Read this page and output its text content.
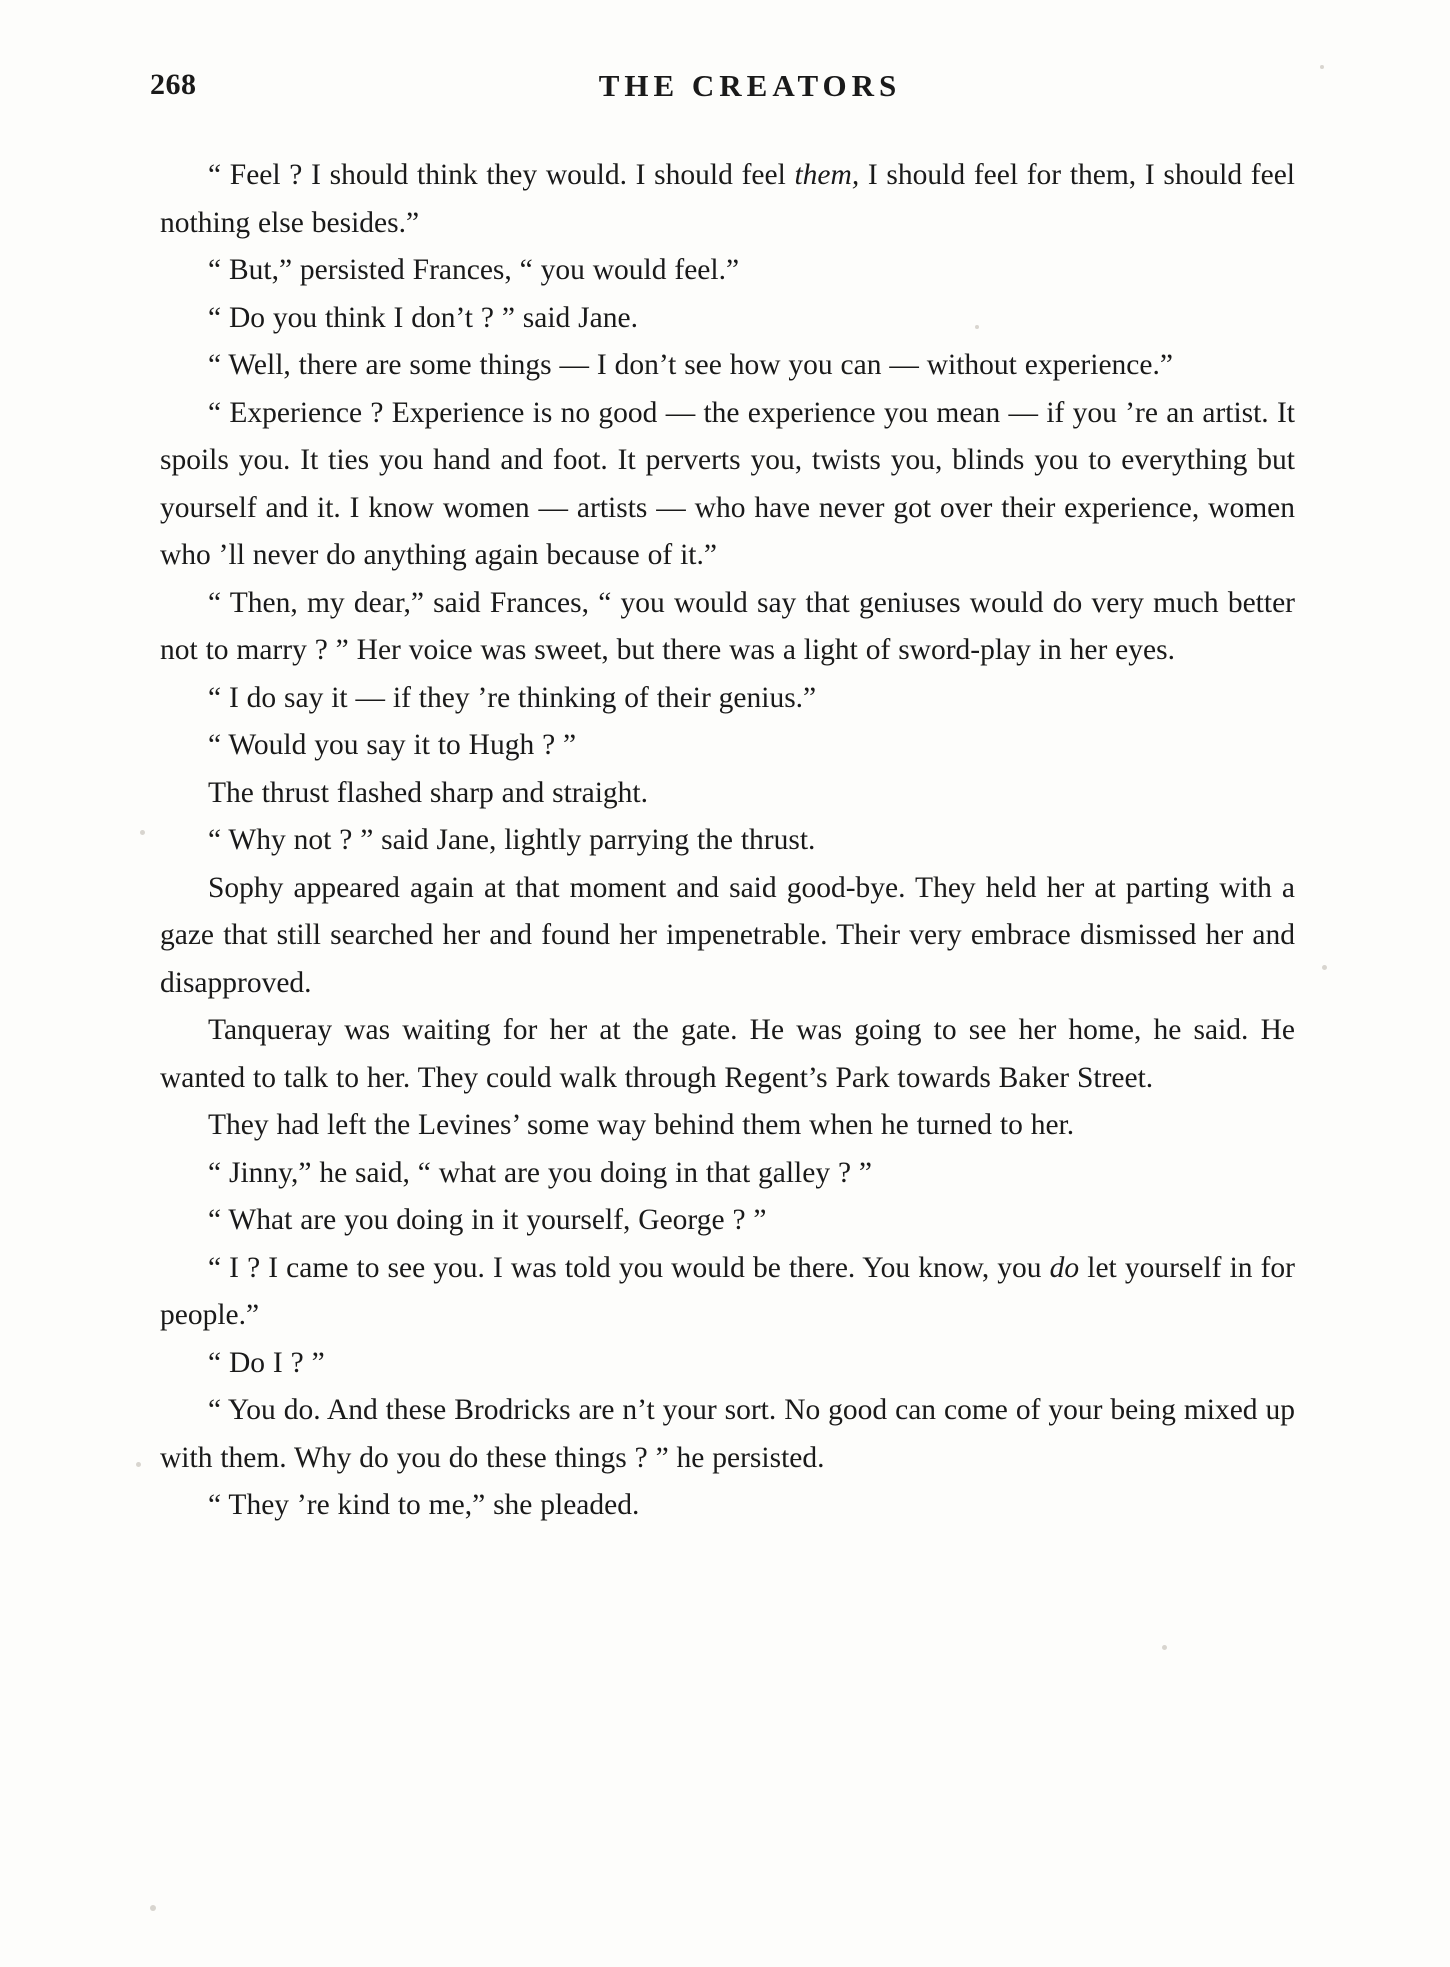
268	THE CREATORS

“ Feel ? I should think they would. I should feel them, I should feel for them, I should feel nothing else besides.”

“ But,” persisted Frances, “ you would feel.”

“ Do you think I don’t ? ” said Jane.

“ Well, there are some things — I don’t see how you can — without experience.”

“ Experience ? Experience is no good — the experience you mean — if you ’re an artist. It spoils you. It ties you hand and foot. It perverts you, twists you, blinds you to everything but yourself and it. I know women — artists — who have never got over their experience, women who ’ll never do anything again because of it.”

“ Then, my dear,” said Frances, “ you would say that geniuses would do very much better not to marry ? ” Her voice was sweet, but there was a light of sword-play in her eyes.

“ I do say it — if they ’re thinking of their genius.”

“ Would you say it to Hugh ? ”

The thrust flashed sharp and straight.

“ Why not ? ” said Jane, lightly parrying the thrust.

Sophy appeared again at that moment and said good-bye. They held her at parting with a gaze that still searched her and found her impenetrable. Their very embrace dismissed her and disapproved.

Tanqueray was waiting for her at the gate. He was going to see her home, he said. He wanted to talk to her. They could walk through Regent’s Park towards Baker Street.

They had left the Levines’ some way behind them when he turned to her.

“ Jinny,” he said, “ what are you doing in that galley ? ”

“ What are you doing in it yourself, George ? ”

“ I ? I came to see you. I was told you would be there. You know, you do let yourself in for people.”

“ Do I ? ”

“ You do. And these Brodricks are n’t your sort. No good can come of your being mixed up with them. Why do you do these things ? ” he persisted.

“ They ’re kind to me,” she pleaded.
